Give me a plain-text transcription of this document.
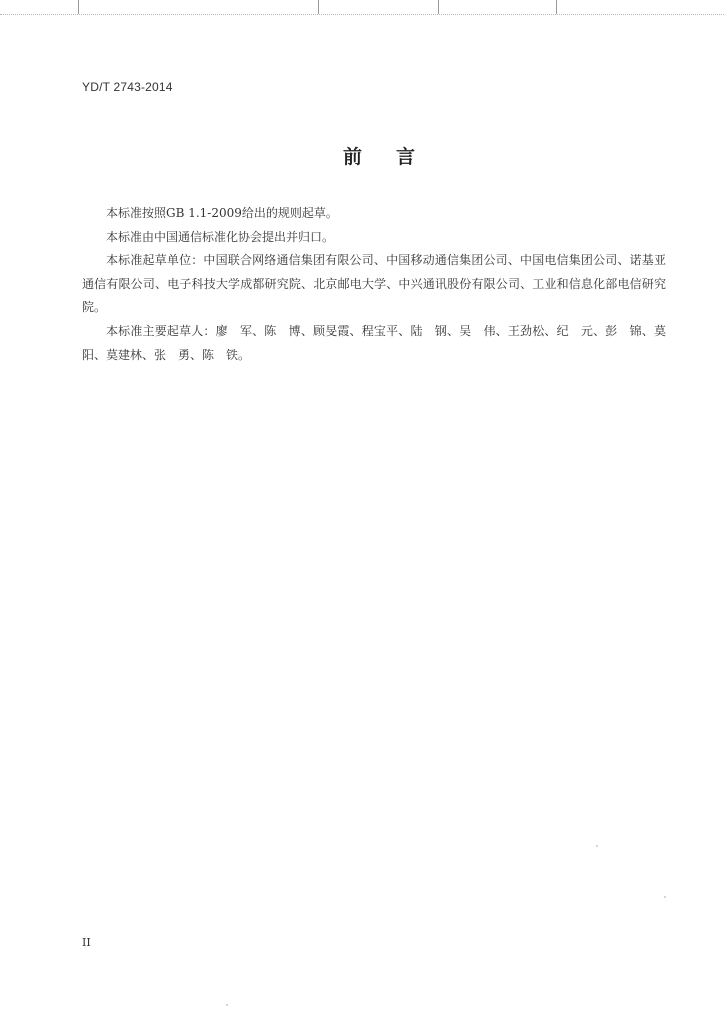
YD/T 2743-2014
前言

本标准按照GB 1.1-2009给出的规则起草。

本标准由中国通信标准化协会提出并归口。

本标准起草单位：中国联合网络通信集团有限公司、中国移动通信集团公司、中国电信集团公司、诺基亚通信有限公司、电子科技大学成都研究院、北京邮电大学、中兴通讯股份有限公司、工业和信息化部电信研究院。

本标准主要起草人：廖　军、陈　博、顾旻霞、程宝平、陆　钢、吴　伟、王劲松、纪　元、彭　锦、莫　阳、莫建林、张　勇、陈　铁。

II
